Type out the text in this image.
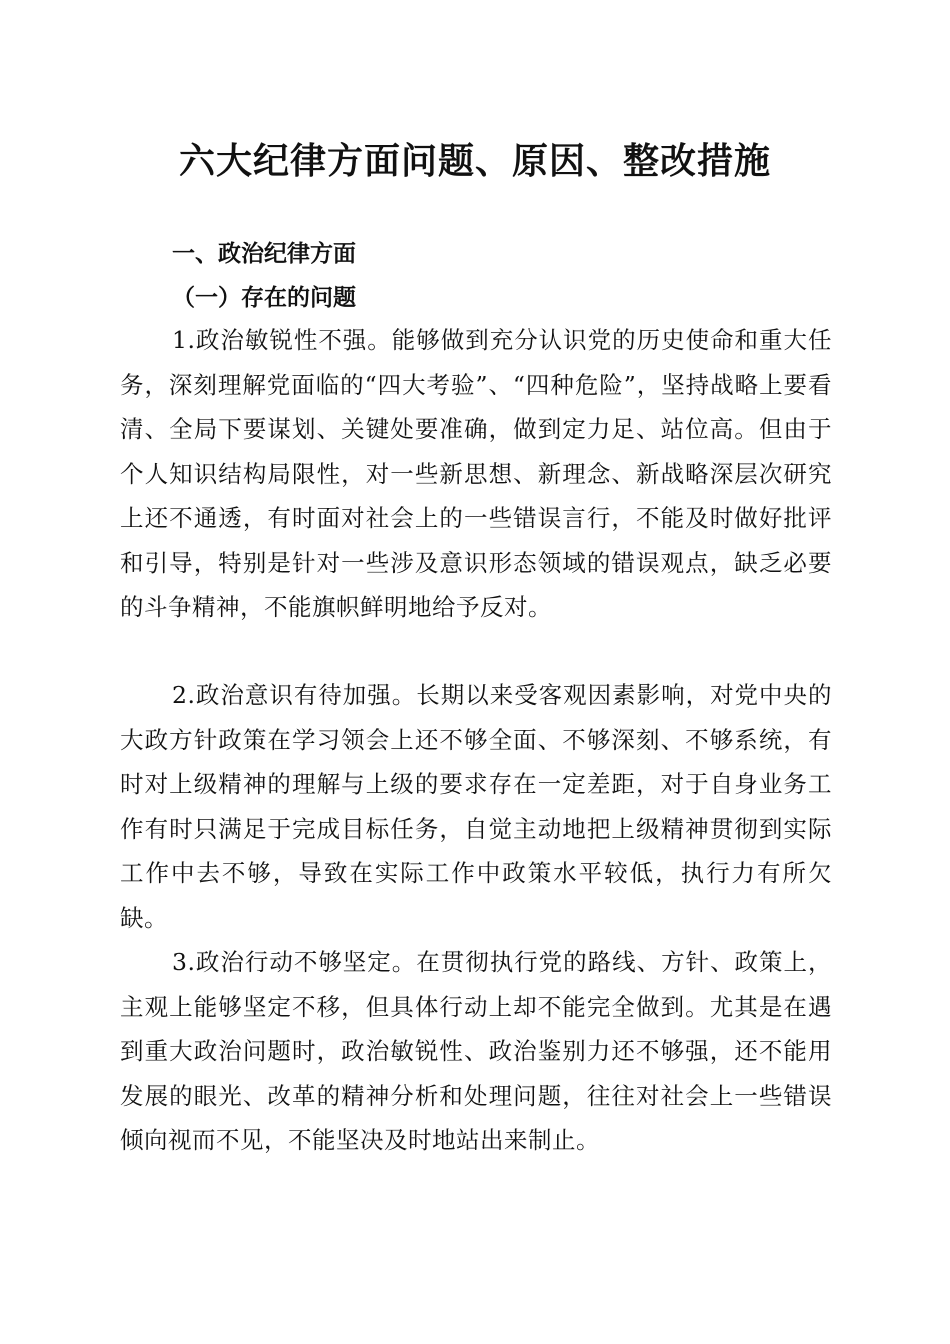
六大纪律方面问题、原因、整改措施
一、政治纪律方面
（一）存在的问题

1.政治敏锐性不强。能够做到充分认识党的历史使命和重大任务，深刻理解党面临的“四大考验”、“四种危险”，坚持战略上要看清、全局下要谋划、关键处要准确，做到定力足、站位高。但由于个人知识结构局限性，对一些新思想、新理念、新战略深层次研究上还不通透，有时面对社会上的一些错误言行，不能及时做好批评和引导，特别是针对一些涉及意识形态领域的错误观点，缺乏必要的斗争精神，不能旗帜鲜明地给予反对。

2.政治意识有待加强。长期以来受客观因素影响，对党中央的大政方针政策在学习领会上还不够全面、不够深刻、不够系统，有时对上级精神的理解与上级的要求存在一定差距，对于自身业务工作有时只满足于完成目标任务，自觉主动地把上级精神贯彻到实际工作中去不够，导致在实际工作中政策水平较低，执行力有所欠缺。

3.政治行动不够坚定。在贯彻执行党的路线、方针、政策上，主观上能够坚定不移，但具体行动上却不能完全做到。尤其是在遇到重大政治问题时，政治敏锐性、政治鉴别力还不够强，还不能用发展的眼光、改革的精神分析和处理问题，往往对社会上一些错误倾向视而不见，不能坚决及时地站出来制止。
